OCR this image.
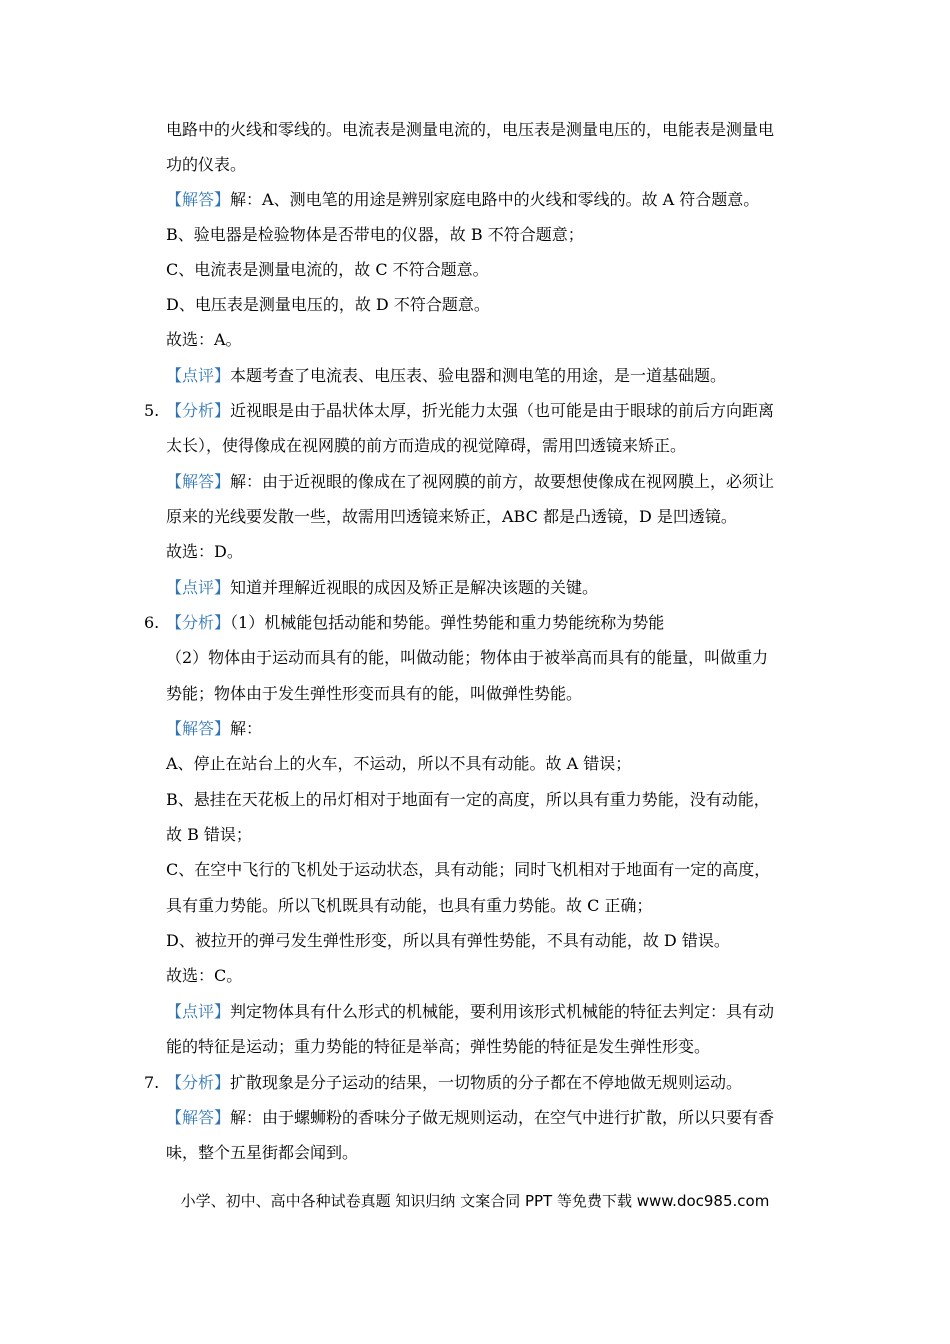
电路中的火线和零线的。电流表是测量电流的，电压表是测量电压的，电能表是测量电
功的仪表。
【解答】解：A、测电笔的用途是辨别家庭电路中的火线和零线的。故 A 符合题意。
B、验电器是检验物体是否带电的仪器，故 B 不符合题意；
C、电流表是测量电流的，故 C 不符合题意。
D、电压表是测量电压的，故 D 不符合题意。
故选：A。
【点评】本题考查了电流表、电压表、验电器和测电笔的用途，是一道基础题。
5. 【分析】近视眼是由于晶状体太厚，折光能力太强（也可能是由于眼球的前后方向距离
太长），使得像成在视网膜的前方而造成的视觉障碍，需用凹透镜来矫正。
【解答】解：由于近视眼的像成在了视网膜的前方，故要想使像成在视网膜上，必须让
原来的光线要发散一些，故需用凹透镜来矫正，ABC 都是凸透镜，D 是凹透镜。
故选：D。
【点评】知道并理解近视眼的成因及矫正是解决该题的关键。
6. 【分析】（1）机械能包括动能和势能。弹性势能和重力势能统称为势能
（2）物体由于运动而具有的能，叫做动能；物体由于被举高而具有的能量，叫做重力
势能；物体由于发生弹性形变而具有的能，叫做弹性势能。
【解答】解：
A、停止在站台上的火车，不运动，所以不具有动能。故 A 错误；
B、悬挂在天花板上的吊灯相对于地面有一定的高度，所以具有重力势能，没有动能，
故 B 错误；
C、在空中飞行的飞机处于运动状态，具有动能；同时飞机相对于地面有一定的高度，
具有重力势能。所以飞机既具有动能，也具有重力势能。故 C 正确；
D、被拉开的弹弓发生弹性形变，所以具有弹性势能，不具有动能，故 D 错误。
故选：C。
【点评】判定物体具有什么形式的机械能，要利用该形式机械能的特征去判定：具有动
能的特征是运动；重力势能的特征是举高；弹性势能的特征是发生弹性形变。
7. 【分析】扩散现象是分子运动的结果，一切物质的分子都在不停地做无规则运动。
【解答】解：由于螺蛳粉的香味分子做无规则运动，在空气中进行扩散，所以只要有香
味，整个五星街都会闻到。
小学、初中、高中各种试卷真题 知识归纳 文案合同 PPT 等免费下载 www.doc985.com
